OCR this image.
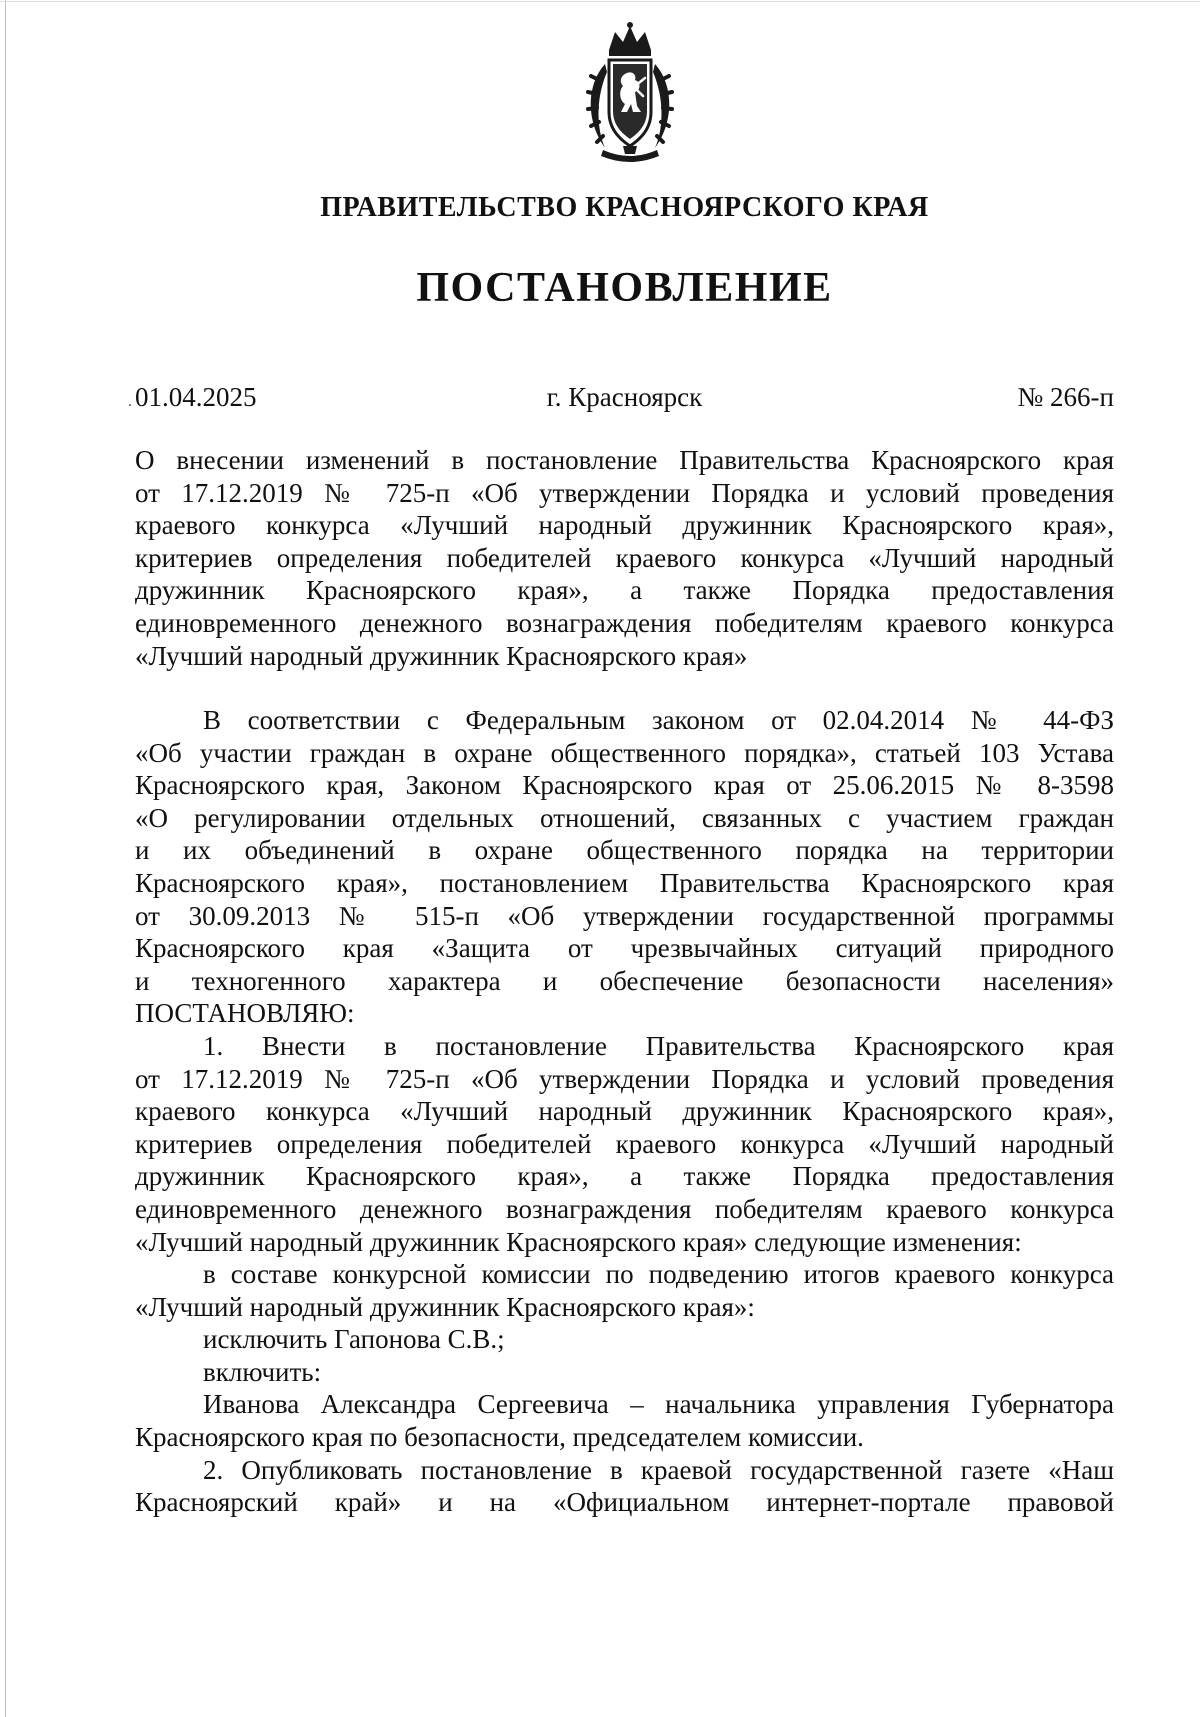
ПРАВИТЕЛЬСТВО КРАСНОЯРСКОГО КРАЯ
ПОСТАНОВЛЕНИЕ
01.04.2025	г. Красноярск	№ 266-п
О внесении изменений в постановление Правительства Красноярского края
от 17.12.2019 № 725-п «Об утверждении Порядка и условий проведения
краевого конкурса «Лучший народный дружинник Красноярского края»,
критериев определения победителей краевого конкурса «Лучший народный
дружинник Красноярского края», а также Порядка предоставления
единовременного денежного вознаграждения победителям краевого конкурса
«Лучший народный дружинник Красноярского края»
В соответствии с Федеральным законом от 02.04.2014 № 44-ФЗ
«Об участии граждан в охране общественного порядка», статьей 103 Устава
Красноярского края, Законом Красноярского края от 25.06.2015 № 8-3598
«О регулировании отдельных отношений, связанных с участием граждан
и их объединений в охране общественного порядка на территории
Красноярского края», постановлением Правительства Красноярского края
от 30.09.2013 № 515-п «Об утверждении государственной программы
Красноярского края «Защита от чрезвычайных ситуаций природного
и техногенного характера и обеспечение безопасности населения»
ПОСТАНОВЛЯЮ:
1. Внести в постановление Правительства Красноярского края
от 17.12.2019 № 725-п «Об утверждении Порядка и условий проведения
краевого конкурса «Лучший народный дружинник Красноярского края»,
критериев определения победителей краевого конкурса «Лучший народный
дружинник Красноярского края», а также Порядка предоставления
единовременного денежного вознаграждения победителям краевого конкурса
«Лучший народный дружинник Красноярского края» следующие изменения:
в составе конкурсной комиссии по подведению итогов краевого конкурса
«Лучший народный дружинник Красноярского края»:
исключить Гапонова С.В.;
включить:
Иванова Александра Сергеевича – начальника управления Губернатора
Красноярского края по безопасности, председателем комиссии.
2. Опубликовать постановление в краевой государственной газете «Наш
Красноярский край» и на «Официальном интернет-портале правовой
